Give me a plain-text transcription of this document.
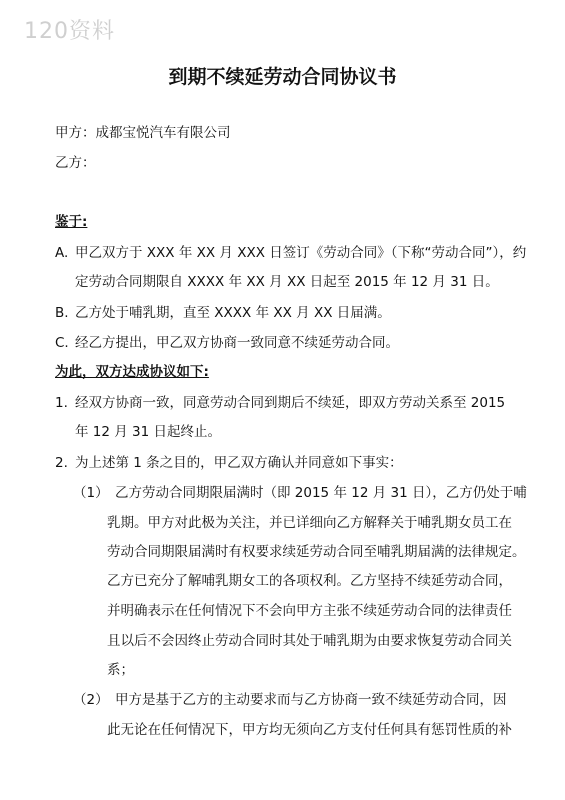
120资料
到期不续延劳动合同协议书
甲方：成都宝悦汽车有限公司
乙方：
鉴于:
A. 甲乙双方于 XXX 年 XX 月 XXX 日签订《劳动合同》（下称“劳动合同”），约
定劳动合同期限自 XXXX 年 XX 月 XX 日起至 2015 年 12 月 31 日。
B. 乙方处于哺乳期，直至 XXXX 年 XX 月 XX 日届满。
C. 经乙方提出，甲乙双方协商一致同意不续延劳动合同。
为此，双方达成协议如下:
1. 经双方协商一致，同意劳动合同到期后不续延，即双方劳动关系至 2015
年 12 月 31 日起终止。
2. 为上述第 1 条之目的，甲乙双方确认并同意如下事实：
（1） 乙方劳动合同期限届满时（即 2015 年 12 月 31 日），乙方仍处于哺
乳期。甲方对此极为关注，并已详细向乙方解释关于哺乳期女员工在
劳动合同期限届满时有权要求续延劳动合同至哺乳期届满的法律规定。
乙方已充分了解哺乳期女工的各项权利。乙方坚持不续延劳动合同，
并明确表示在任何情况下不会向甲方主张不续延劳动合同的法律责任
且以后不会因终止劳动合同时其处于哺乳期为由要求恢复劳动合同关
系；
（2） 甲方是基于乙方的主动要求而与乙方协商一致不续延劳动合同，因
此无论在任何情况下，甲方均无须向乙方支付任何具有惩罚性质的补
